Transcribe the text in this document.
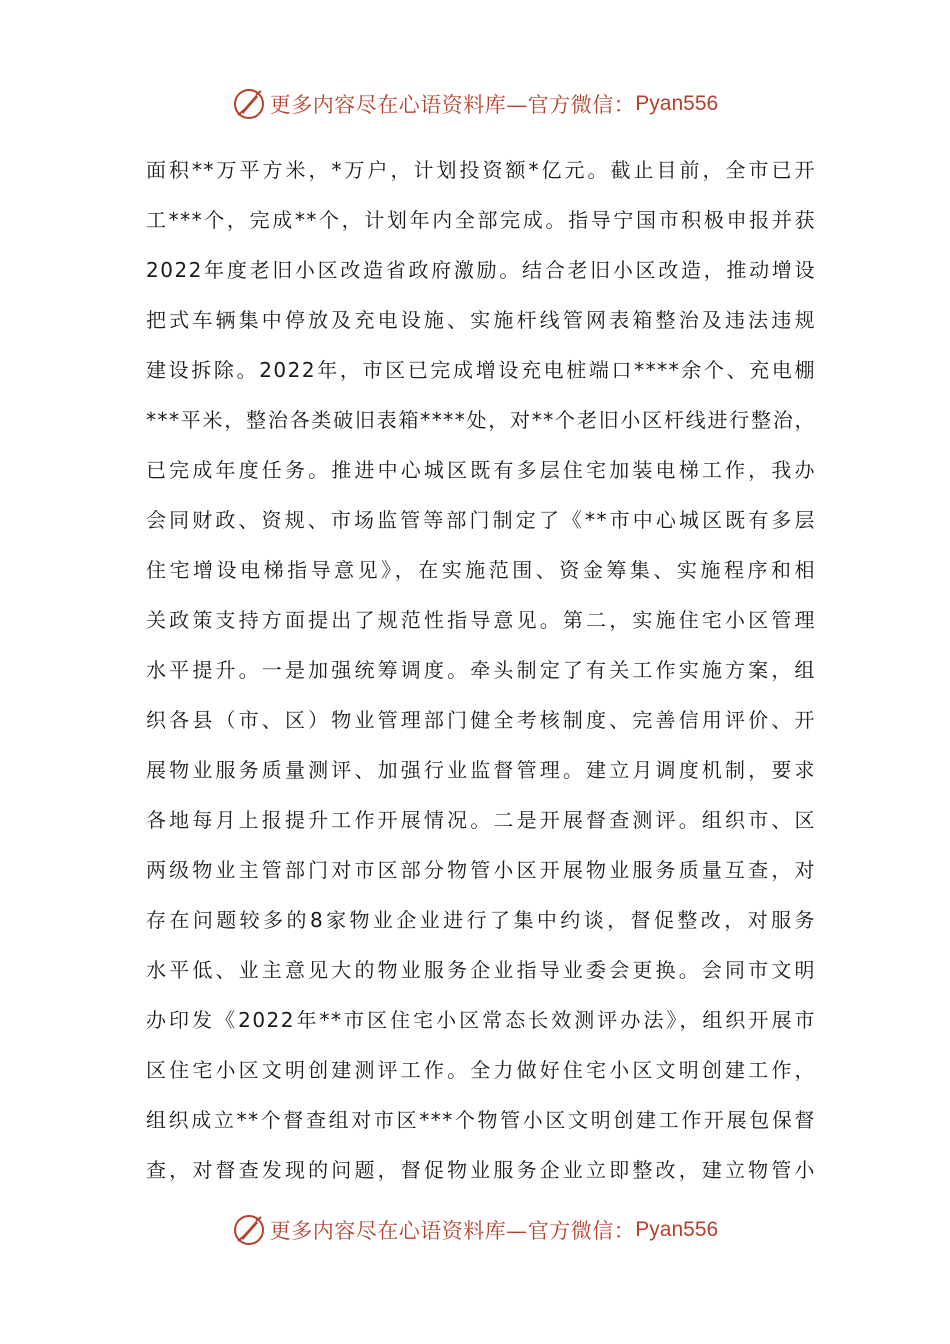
更多内容尽在心语资料库—官方微信： Pyan556
面积**万平方米，*万户，计划投资额*亿元。截止目前，全市已开
工***个，完成**个，计划年内全部完成。指导宁国市积极申报并获
2022年度老旧小区改造省政府激励。结合老旧小区改造，推动增设
把式车辆集中停放及充电设施、实施杆线管网表箱整治及违法违规
建设拆除。2022年，市区已完成增设充电桩端口****余个、充电棚
***平米，整治各类破旧表箱****处，对**个老旧小区杆线进行整治，
已完成年度任务。推进中心城区既有多层住宅加装电梯工作，我办
会同财政、资规、市场监管等部门制定了《**市中心城区既有多层
住宅增设电梯指导意见》，在实施范围、资金筹集、实施程序和相
关政策支持方面提出了规范性指导意见。第二，实施住宅小区管理
水平提升。一是加强统筹调度。牵头制定了有关工作实施方案，组
织各县（市、区）物业管理部门健全考核制度、完善信用评价、开
展物业服务质量测评、加强行业监督管理。建立月调度机制，要求
各地每月上报提升工作开展情况。二是开展督查测评。组织市、区
两级物业主管部门对市区部分物管小区开展物业服务质量互查，对
存在问题较多的8家物业企业进行了集中约谈，督促整改，对服务
水平低、业主意见大的物业服务企业指导业委会更换。会同市文明
办印发《2022年**市区住宅小区常态长效测评办法》，组织开展市
区住宅小区文明创建测评工作。全力做好住宅小区文明创建工作，
组织成立**个督查组对市区***个物管小区文明创建工作开展包保督
查，对督查发现的问题，督促物业服务企业立即整改，建立物管小
更多内容尽在心语资料库—官方微信： Pyan556
